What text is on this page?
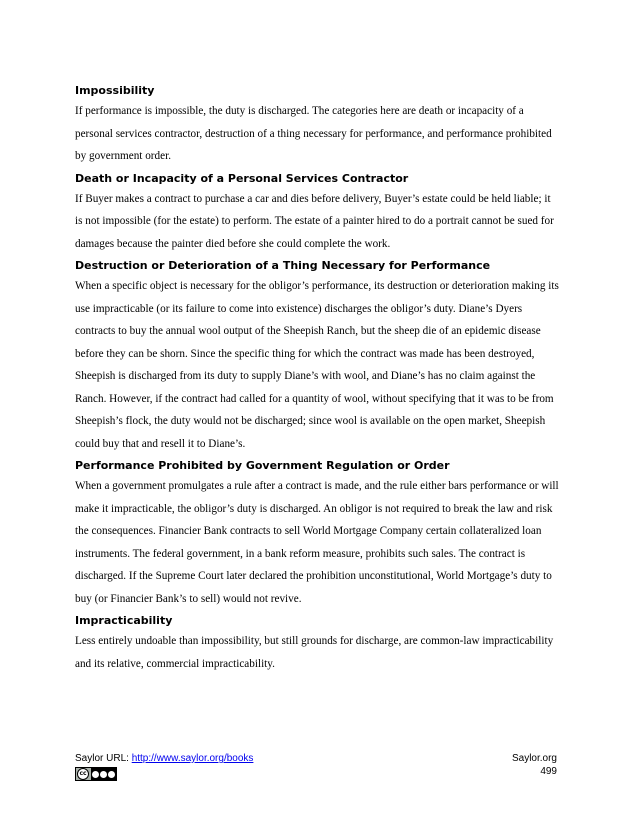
Impossibility

If performance is impossible, the duty is discharged. The categories here are death or incapacity of a personal services contractor, destruction of a thing necessary for performance, and performance prohibited by government order.

Death or Incapacity of a Personal Services Contractor

If Buyer makes a contract to purchase a car and dies before delivery, Buyer’s estate could be held liable; it is not impossible (for the estate) to perform. The estate of a painter hired to do a portrait cannot be sued for damages because the painter died before she could complete the work.

Destruction or Deterioration of a Thing Necessary for Performance

When a specific object is necessary for the obligor’s performance, its destruction or deterioration making its use impracticable (or its failure to come into existence) discharges the obligor’s duty. Diane’s Dyers contracts to buy the annual wool output of the Sheepish Ranch, but the sheep die of an epidemic disease before they can be shorn. Since the specific thing for which the contract was made has been destroyed, Sheepish is discharged from its duty to supply Diane’s with wool, and Diane’s has no claim against the Ranch. However, if the contract had called for a quantity of wool, without specifying that it was to be from Sheepish’s flock, the duty would not be discharged; since wool is available on the open market, Sheepish could buy that and resell it to Diane’s.

Performance Prohibited by Government Regulation or Order

When a government promulgates a rule after a contract is made, and the rule either bars performance or will make it impracticable, the obligor’s duty is discharged. An obligor is not required to break the law and risk the consequences. Financier Bank contracts to sell World Mortgage Company certain collateralized loan instruments. The federal government, in a bank reform measure, prohibits such sales. The contract is discharged. If the Supreme Court later declared the prohibition unconstitutional, World Mortgage’s duty to buy (or Financier Bank’s to sell) would not revive.

Impracticability

Less entirely undoable than impossibility, but still grounds for discharge, are common-law impracticability and its relative, commercial impracticability.

Saylor URL: http://www.saylor.org/books
cc
Saylor.org
499
